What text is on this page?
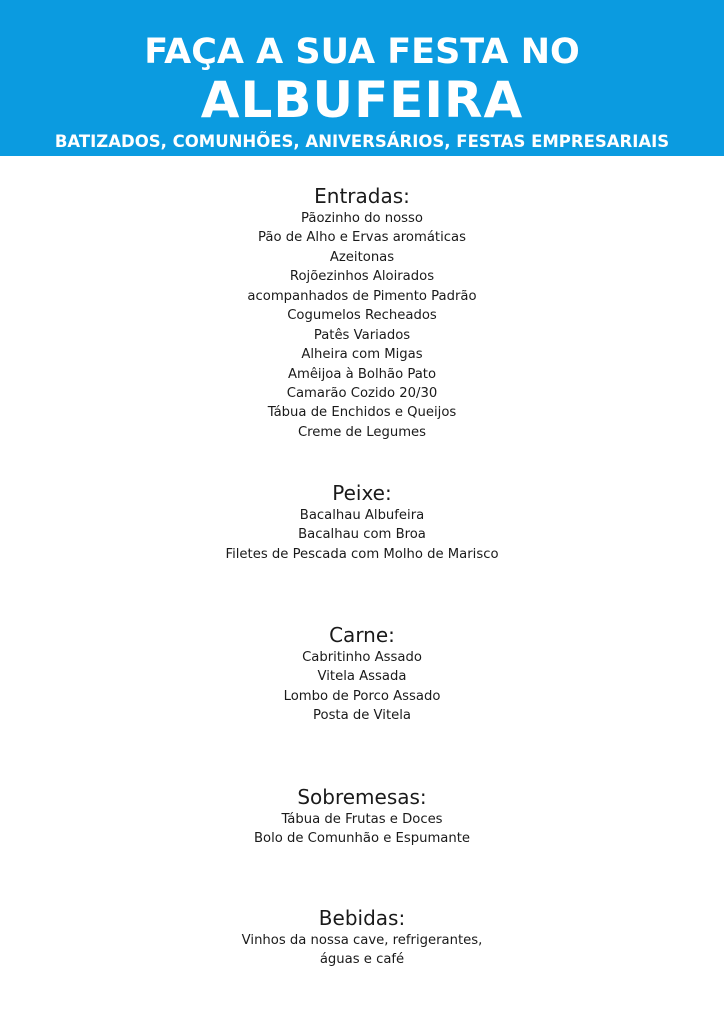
FAÇA A SUA FESTA NO
ALBUFEIRA
BATIZADOS, COMUNHÕES, ANIVERSÁRIOS, FESTAS EMPRESARIAIS
Entradas:
Pãozinho do nosso
Pão de Alho e Ervas aromáticas
Azeitonas
Rojõezinhos Aloirados
acompanhados de Pimento Padrão
Cogumelos Recheados
Patês Variados
Alheira com Migas
Amêijoa à Bolhão Pato
Camarão Cozido 20/30
Tábua de Enchidos e Queijos
Creme de Legumes
Peixe:
Bacalhau Albufeira
Bacalhau com Broa
Filetes de Pescada com Molho de Marisco
Carne:
Cabritinho Assado
Vitela Assada
Lombo de Porco Assado
Posta de Vitela
Sobremesas:
Tábua de Frutas e Doces
Bolo de Comunhão e Espumante
Bebidas:
Vinhos da nossa cave, refrigerantes,
águas e café
